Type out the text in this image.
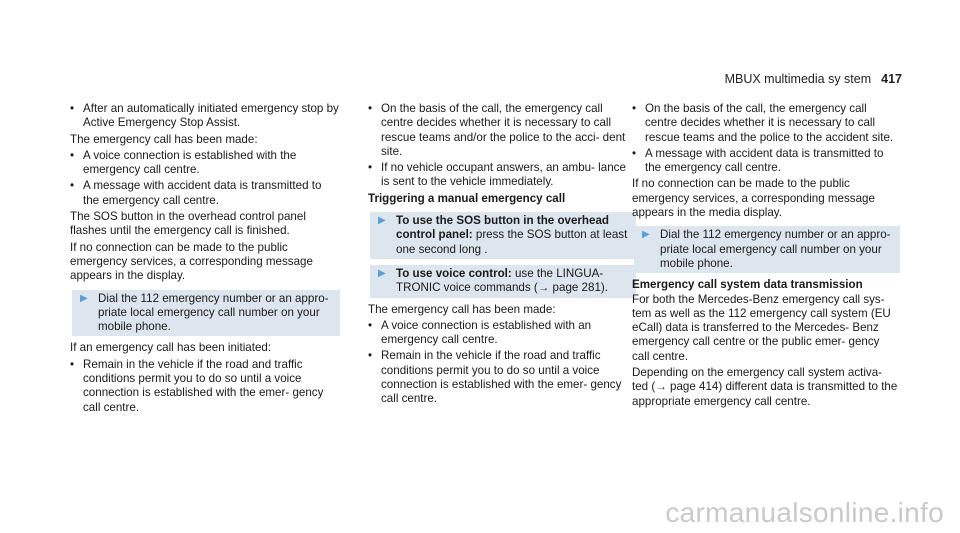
MBUX multimedia sy stem 417
• After an automatically initiated emergency stop by Active Emergency Stop Assist.
The emergency call has been made:
• A voice connection is established with the emergency call centre.
• A message with accident data is transmitted to the emergency call centre.
The SOS button in the overhead control panel flashes until the emergency call is finished.
If no connection can be made to the public emergency services, a corresponding message appears in the display.
▶ Dial the 112 emergency number or an appro- priate local emergency call number on your mobile phone.
If an emergency call has been initiated:
• Remain in the vehicle if the road and traffic conditions permit you to do so until a voice connection is established with the emer- gency call centre.
• On the basis of the call, the emergency call centre decides whether it is necessary to call rescue teams and/or the police to the acci- dent site.
• If no vehicle occupant answers, an ambu- lance is sent to the vehicle immediately.
Triggering a manual emergency call
▶ To use the SOS button in the overhead control panel: press the SOS button at least one second long .
▶ To use voice control: use the LINGUA- TRONIC voice commands (→ page 281).
The emergency call has been made:
• A voice connection is established with an emergency call centre.
• Remain in the vehicle if the road and traffic conditions permit you to do so until a voice connection is established with the emer- gency call centre.
• On the basis of the call, the emergency call centre decides whether it is necessary to call rescue teams and the police to the accident site.
• A message with accident data is transmitted to the emergency call centre.
If no connection can be made to the public emergency services, a corresponding message appears in the media display.
▶ Dial the 112 emergency number or an appro- priate local emergency call number on your mobile phone.
Emergency call system data transmission
For both the Mercedes-Benz emergency call sys- tem as well as the 112 emergency call system (EU eCall) data is transferred to the Mercedes- Benz emergency call centre or the public emer- gency call centre.
Depending on the emergency call system activa- ted (→ page 414) different data is transmitted to the appropriate emergency call centre.
carmanualsonline.info
